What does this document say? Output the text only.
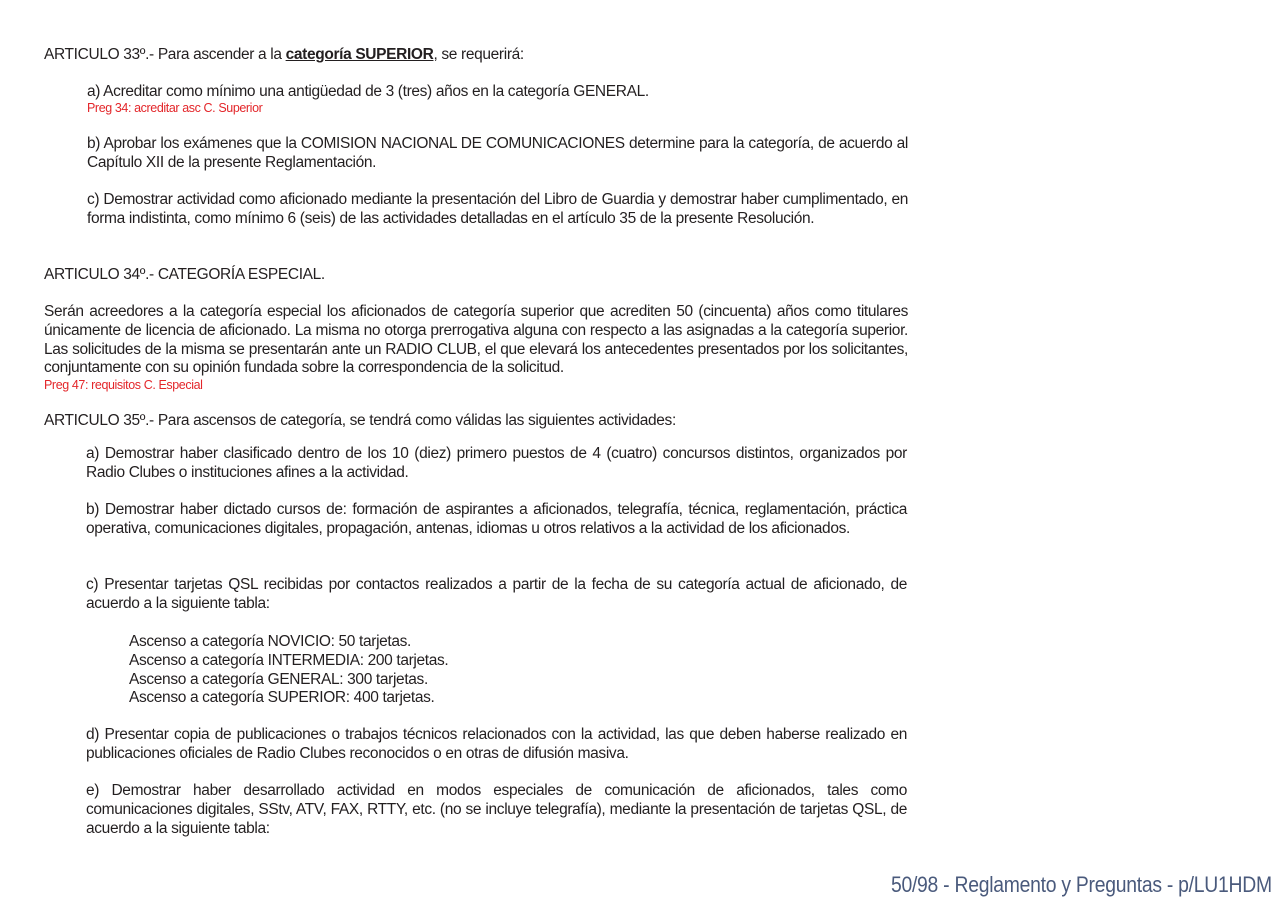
ARTICULO 33º.- Para ascender a la categoría SUPERIOR, se requerirá:
a) Acreditar como mínimo una antigüedad de 3 (tres) años en la categoría GENERAL.
Preg 34: acreditar asc C. Superior
b) Aprobar los exámenes que la COMISION NACIONAL DE COMUNICACIONES determine para la categoría, de acuerdo al Capítulo XII de la presente Reglamentación.
c) Demostrar actividad como aficionado mediante la presentación del Libro de Guardia y demostrar haber cumplimentado, en forma indistinta, como mínimo 6 (seis) de las actividades detalladas en el artículo 35 de la presente Resolución.
ARTICULO 34º.- CATEGORÍA ESPECIAL.
Serán acreedores a la categoría especial los aficionados de categoría superior que acrediten 50 (cincuenta) años como titulares únicamente de licencia de aficionado. La misma no otorga prerrogativa alguna con respecto a las asignadas a la categoría superior. Las solicitudes de la misma se presentarán ante un RADIO CLUB, el que elevará los antecedentes presentados por los solicitantes, conjuntamente con su opinión fundada sobre la correspondencia de la solicitud.
Preg 47: requisitos C. Especial
ARTICULO 35º.- Para ascensos de categoría, se tendrá como válidas las siguientes actividades:
a) Demostrar haber clasificado dentro de los 10 (diez) primero puestos de 4 (cuatro) concursos distintos, organizados por Radio Clubes o instituciones afines a la actividad.
b) Demostrar haber dictado cursos de: formación de aspirantes a aficionados, telegrafía, técnica, reglamentación, práctica operativa, comunicaciones digitales, propagación, antenas, idiomas u otros relativos a la actividad de los aficionados.
c) Presentar tarjetas QSL recibidas por contactos realizados a partir de la fecha de su categoría actual de aficionado, de acuerdo a la siguiente tabla:
Ascenso a categoría NOVICIO: 50 tarjetas.
Ascenso a categoría INTERMEDIA: 200 tarjetas.
Ascenso a categoría GENERAL: 300 tarjetas.
Ascenso a categoría SUPERIOR: 400 tarjetas.
d) Presentar copia de publicaciones o trabajos técnicos relacionados con la actividad, las que deben haberse realizado en publicaciones oficiales de Radio Clubes reconocidos o en otras de difusión masiva.
e) Demostrar haber desarrollado actividad en modos especiales de comunicación de aficionados, tales como comunicaciones digitales, SStv, ATV, FAX, RTTY, etc. (no se incluye telegrafía), mediante la presentación de tarjetas QSL, de acuerdo a la siguiente tabla:
50/98 - Reglamento y Preguntas - p/LU1HDM
